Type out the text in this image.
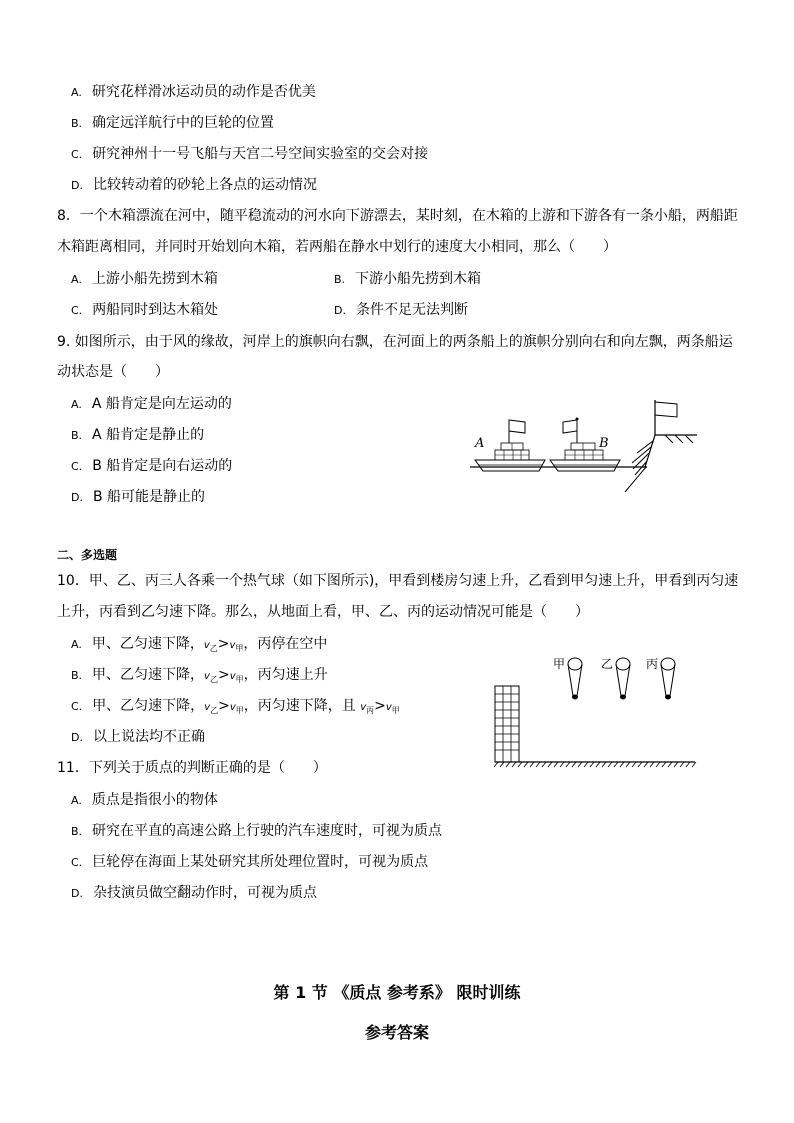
A. 研究花样滑冰运动员的动作是否优美
B. 确定远洋航行中的巨轮的位置
C. 研究神州十一号飞船与天宫二号空间实验室的交会对接
D. 比较转动着的砂轮上各点的运动情况
8．一个木箱漂流在河中，随平稳流动的河水向下游漂去，某时刻，在木箱的上游和下游各有一条小船，两船距
木箱距离相同，并同时开始划向木箱，若两船在静水中划行的速度大小相同，那么（　　）
A. 上游小船先捞到木箱	B. 下游小船先捞到木箱
C. 两船同时到达木箱处	D. 条件不足无法判断
9. 如图所示，由于风的缘故，河岸上的旗帜向右飘，在河面上的两条船上的旗帜分别向右和向左飘，两条船运
动状态是（　　）
A. A 船肯定是向左运动的
B. A 船肯定是静止的
C. B 船肯定是向右运动的
D. B 船可能是静止的
A	B
二、多选题
10．甲、乙、丙三人各乘一个热气球（如下图所示)，甲看到楼房匀速上升，乙看到甲匀速上升，甲看到丙匀速
上升，丙看到乙匀速下降。那么，从地面上看，甲、乙、丙的运动情况可能是（　　）
A. 甲、乙匀速下降，$v_乙>v_甲$，丙停在空中
B. 甲、乙匀速下降，$v_乙>v_甲$，丙匀速上升
C. 甲、乙匀速下降，$v_乙>v_甲$，丙匀速下降，且 $v_丙>v_甲$
D. 以上说法均不正确
甲	乙	丙
11．下列关于质点的判断正确的是（　　）
A. 质点是指很小的物体
B. 研究在平直的高速公路上行驶的汽车速度时，可视为质点
C. 巨轮停在海面上某处研究其所处理位置时，可视为质点
D. 杂技演员做空翻动作时，可视为质点
第 1 节 《质点 参考系》 限时训练
参考答案
